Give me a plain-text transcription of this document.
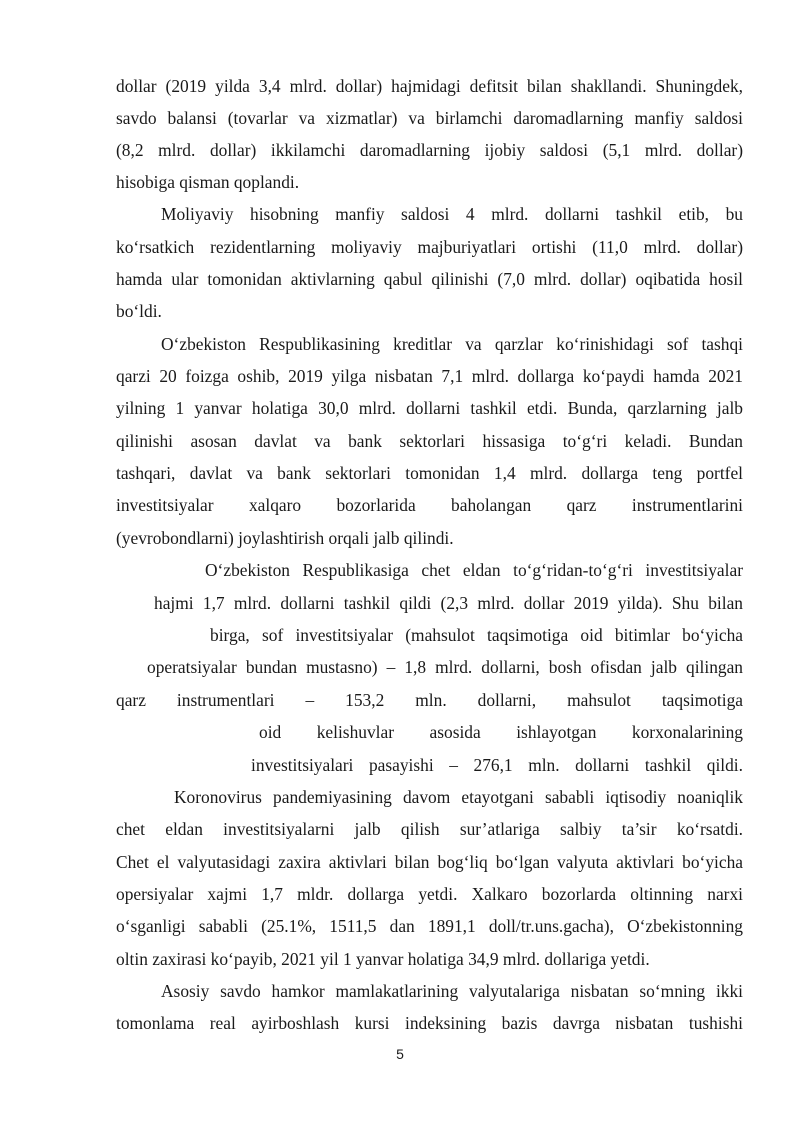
dollar (2019 yilda 3,4 mlrd. dollar) hajmidagi defitsit bilan shakllandi. Shuningdek,
savdo balansi (tovarlar va xizmatlar) va birlamchi daromadlarning manfiy saldosi
(8,2 mlrd. dollar) ikkilamchi daromadlarning ijobiy saldosi (5,1 mlrd. dollar)
hisobiga qisman qoplandi.
Moliyaviy hisobning manfiy saldosi 4 mlrd. dollarni tashkil etib, bu
ko‘rsatkich rezidentlarning moliyaviy majburiyatlari ortishi (11,0 mlrd. dollar)
hamda ular tomonidan aktivlarning qabul qilinishi (7,0 mlrd. dollar) oqibatida hosil
bo‘ldi.
O‘zbekiston Respublikasining kreditlar va qarzlar ko‘rinishidagi sof tashqi
qarzi 20 foizga oshib, 2019 yilga nisbatan 7,1 mlrd. dollarga ko‘paydi hamda 2021
yilning 1 yanvar holatiga 30,0 mlrd. dollarni tashkil etdi. Bunda, qarzlarning jalb
qilinishi asosan davlat va bank sektorlari hissasiga to‘g‘ri keladi. Bundan
tashqari, davlat va bank sektorlari tomonidan 1,4 mlrd. dollarga teng portfel
investitsiyalar xalqaro bozorlarida baholangan qarz instrumentlarini
(yevrobondlarni) joylashtirish orqali jalb qilindi.
O‘zbekiston Respublikasiga chet eldan to‘g‘ridan-to‘g‘ri investitsiyalar
hajmi 1,7 mlrd. dollarni tashkil qildi (2,3 mlrd. dollar 2019 yilda). Shu bilan
birga, sof investitsiyalar (mahsulot taqsimotiga oid bitimlar bo‘yicha
operatsiyalar bundan mustasno) – 1,8 mlrd. dollarni, bosh ofisdan jalb qilingan
qarz instrumentlari – 153,2 mln. dollarni, mahsulot taqsimotiga
oid kelishuvlar asosida ishlayotgan korxonalarining
investitsiyalari pasayishi – 276,1 mln. dollarni tashkil qildi.
Koronovirus pandemiyasining davom etayotgani sababli iqtisodiy noaniqlik
chet eldan investitsiyalarni jalb qilish sur’atlariga salbiy ta’sir ko‘rsatdi.
Chet el valyutasidagi zaxira aktivlari bilan bog‘liq bo‘lgan valyuta aktivlari bo‘yicha
opersiyalar xajmi 1,7 mldr. dollarga yetdi. Xalkaro bozorlarda oltinning narxi
o‘sganligi sababli (25.1%, 1511,5 dan 1891,1 doll/tr.uns.gacha), O‘zbekistonning
oltin zaxirasi ko‘payib, 2021 yil 1 yanvar holatiga 34,9 mlrd. dollariga yetdi.
Asosiy savdo hamkor mamlakatlarining valyutalariga nisbatan so‘mning ikki
tomonlama real ayirboshlash kursi indeksining bazis davrga nisbatan tushishi
5
